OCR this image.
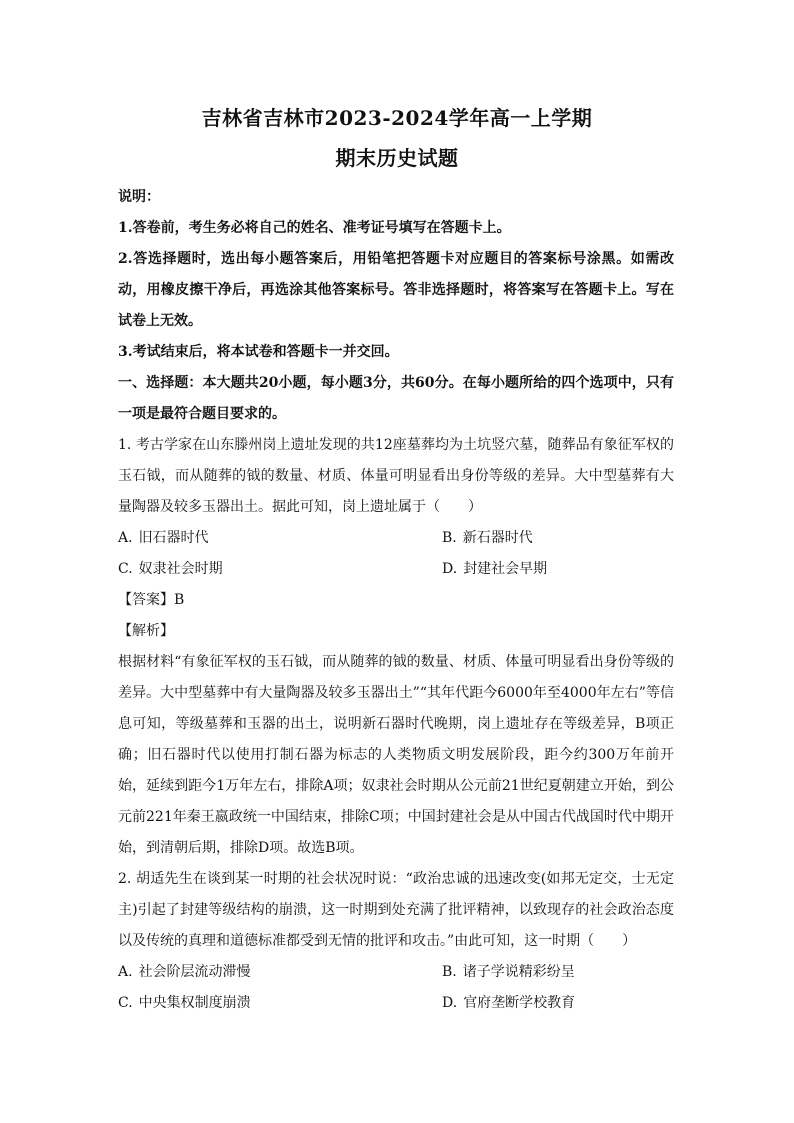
吉林省吉林市2023-2024学年高一上学期
期末历史试题

说明：

1.答卷前，考生务必将自己的姓名、准考证号填写在答题卡上。

2.答选择题时，选出每小题答案后，用铅笔把答题卡对应题目的答案标号涂黑。如需改动，用橡皮擦干净后，再选涂其他答案标号。答非选择题时，将答案写在答题卡上。写在试卷上无效。

3.考试结束后，将本试卷和答题卡一并交回。

一、选择题：本大题共20小题，每小题3分，共60分。在每小题所给的四个选项中，只有一项是最符合题目要求的。

1. 考古学家在山东滕州岗上遗址发现的共12座墓葬均为土坑竖穴墓，随葬品有象征军权的玉石钺，而从随葬的钺的数量、材质、体量可明显看出身份等级的差异。大中型墓葬有大量陶器及较多玉器出土。据此可知，岗上遗址属于（　　）

A. 旧石器时代	B. 新石器时代
C. 奴隶社会时期	D. 封建社会早期

【答案】B

【解析】

根据材料“有象征军权的玉石钺，而从随葬的钺的数量、材质、体量可明显看出身份等级的差异。大中型墓葬中有大量陶器及较多玉器出土”“其年代距今6000年至4000年左右”等信息可知，等级墓葬和玉器的出土，说明新石器时代晚期，岗上遗址存在等级差异，B项正确；旧石器时代以使用打制石器为标志的人类物质文明发展阶段，距今约300万年前开始，延续到距今1万年左右，排除A项；奴隶社会时期从公元前21世纪夏朝建立开始，到公元前221年秦王嬴政统一中国结束，排除C项；中国封建社会是从中国古代战国时代中期开始，到清朝后期，排除D项。故选B项。

2. 胡适先生在谈到某一时期的社会状况时说：“政治忠诚的迅速改变(如邦无定交，士无定主)引起了封建等级结构的崩溃，这一时期到处充满了批评精神，以致现存的社会政治态度以及传统的真理和道德标准都受到无情的批评和攻击。”由此可知，这一时期（　　）

A. 社会阶层流动滞慢	B. 诸子学说精彩纷呈
C. 中央集权制度崩溃	D. 官府垄断学校教育
